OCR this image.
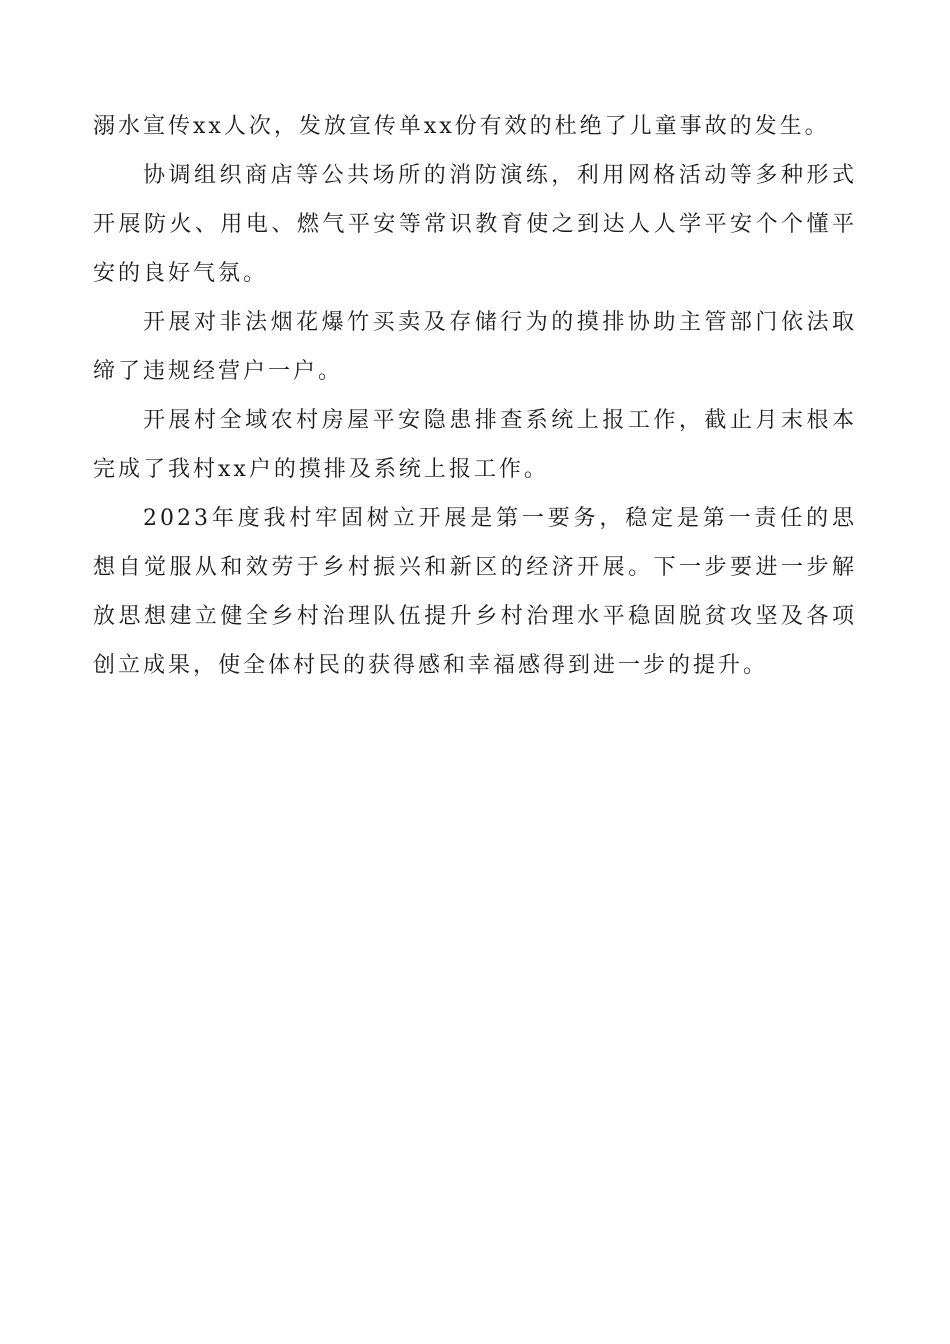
溺水宣传xx人次，发放宣传单xx份有效的杜绝了儿童事故的发生。

协调组织商店等公共场所的消防演练，利用网格活动等多种形式开展防火、用电、燃气平安等常识教育使之到达人人学平安个个懂平安的良好气氛。

开展对非法烟花爆竹买卖及存储行为的摸排协助主管部门依法取缔了违规经营户一户。

开展村全域农村房屋平安隐患排查系统上报工作，截止月末根本完成了我村xx户的摸排及系统上报工作。

2023年度我村牢固树立开展是第一要务，稳定是第一责任的思想自觉服从和效劳于乡村振兴和新区的经济开展。下一步要进一步解放思想建立健全乡村治理队伍提升乡村治理水平稳固脱贫攻坚及各项创立成果，使全体村民的获得感和幸福感得到进一步的提升。
